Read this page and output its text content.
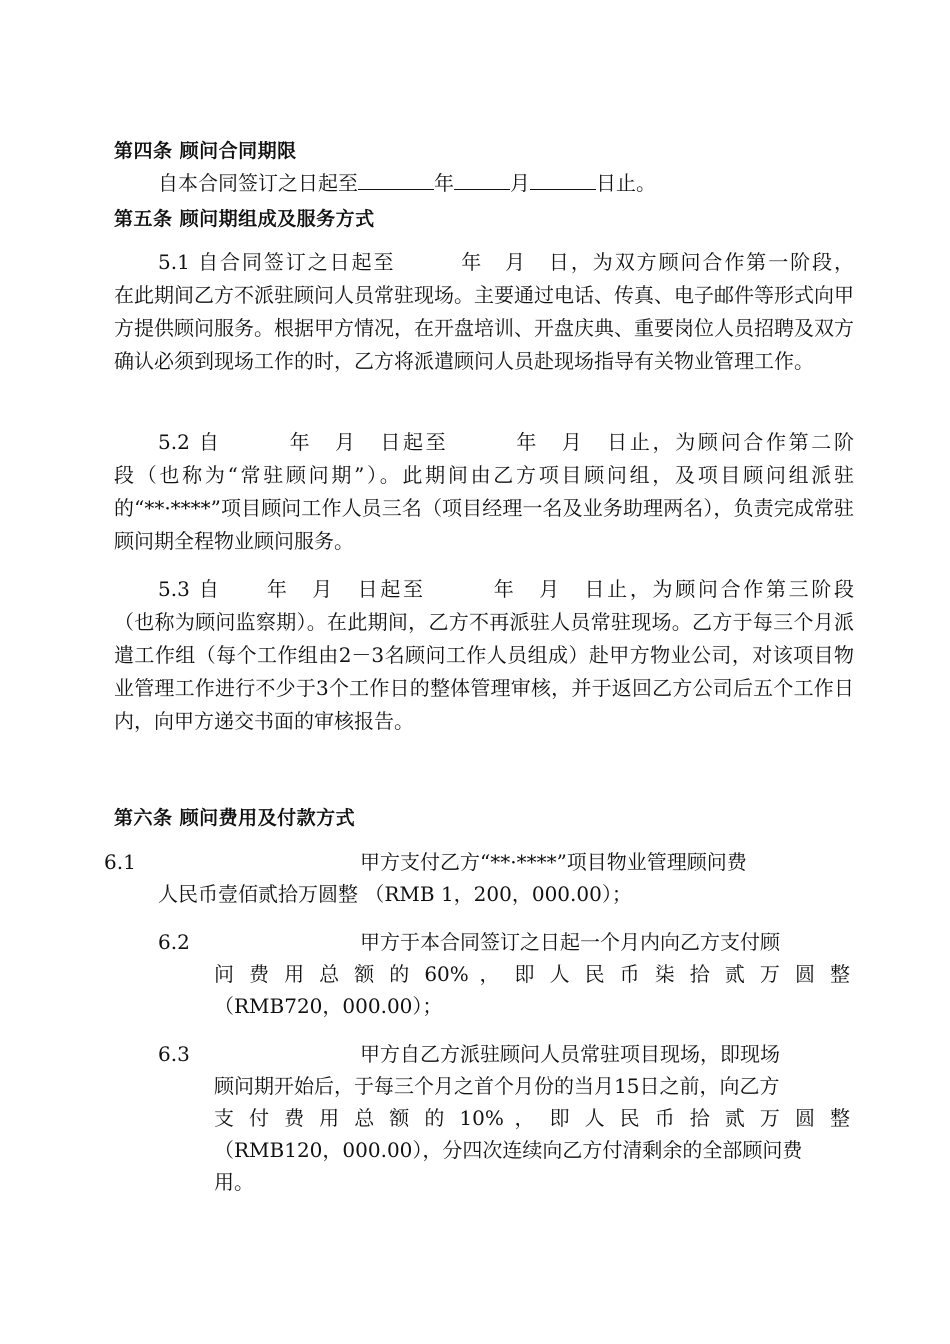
第四条 顾问合同期限
自本合同签订之日起至	年	月	日止。
第五条 顾问期组成及服务方式
5.1 自合同签订之日起至　　　年　月　日，为双方顾问合作第一阶段，
在此期间乙方不派驻顾问人员常驻现场。主要通过电话、传真、电子邮件等形式向甲方提供顾问服务。根据甲方情况，在开盘培训、开盘庆典、重要岗位人员招聘及双方确认必须到现场工作的时，乙方将派遣顾问人员赴现场指导有关物业管理工作。
5.2 自　　　年　月　日起至　　　年　月　日止，为顾问合作第二阶
段（也称为“常驻顾问期”）。此期间由乙方项目顾问组，及项目顾问组派驻的“**·****”项目顾问工作人员三名（项目经理一名及业务助理两名），负责完成常驻顾问期全程物业顾问服务。
5.3 自　　年　月　日起至　　　年　月　日止，为顾问合作第三阶段
（也称为顾问监察期）。在此期间，乙方不再派驻人员常驻现场。乙方于每三个月派遣工作组（每个工作组由2－3名顾问工作人员组成）赴甲方物业公司，对该项目物业管理工作进行不少于3个工作日的整体管理审核，并于返回乙方公司后五个工作日内，向甲方递交书面的审核报告。
第六条 顾问费用及付款方式
6.1	甲方支付乙方“**·****”项目物业管理顾问费
人民币壹佰贰拾万圆整 （RMB 1，200，000.00）；
6.2	甲方于本合同签订之日起一个月内向乙方支付顾
问 费 用 总 额 的 60% ， 即 人 民 币 柒 拾 贰 万 圆 整
（RMB720，000.00）；
6.3	甲方自乙方派驻顾问人员常驻项目现场，即现场
顾问期开始后，于每三个月之首个月份的当月15日之前，向乙方
支 付 费 用 总 额 的 10% ， 即 人 民 币 拾 贰 万 圆 整
（RMB120，000.00），分四次连续向乙方付清剩余的全部顾问费
用。
